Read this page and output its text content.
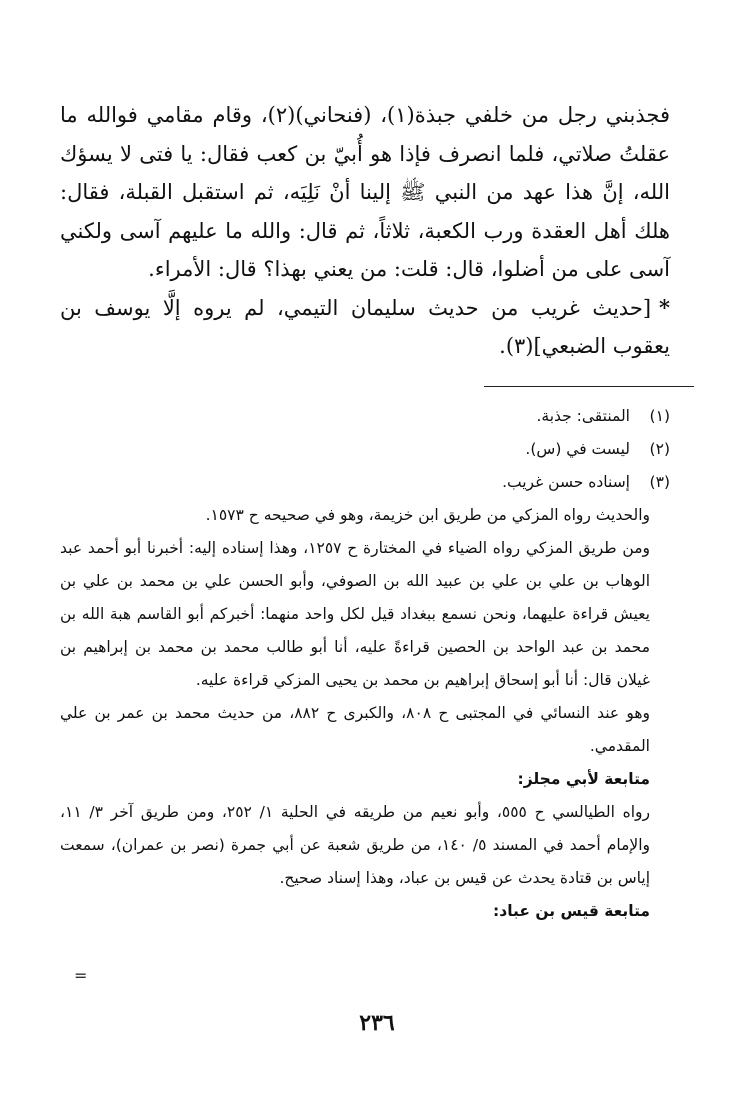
فجذبني رجل من خلفي جبذة(١)، (فنحاني)(٢)، وقام مقامي فوالله ما عقلتُ صلاتي، فلما انصرف فإذا هو أُبيّ بن كعب فقال: يا فتى لا يسؤك الله، إنَّ هذا عهد من النبي ﷺ إلينا أنْ نَلِيَه، ثم استقبل القبلة، فقال: هلك أهل العقدة ورب الكعبة، ثلاثاً، ثم قال: والله ما عليهم آسى ولكني آسى على من أضلوا، قال: قلت: من يعني بهذا؟ قال: الأمراء.

*[حديث غريب من حديث سليمان التيمي، لم يروه إلَّا يوسف بن يعقوب الضبعي](٣).

(١)
المنتقى: جذبة.
(٢)
ليست في (س).
(٣)
إسناده حسن غريب.

والحديث رواه المزكي من طريق ابن خزيمة، وهو في صحيحه ح ١٥٧٣.

ومن طريق المزكي رواه الضياء في المختارة ح ١٢٥٧، وهذا إسناده إليه: أخبرنا أبو أحمد عبد الوهاب بن علي بن علي بن عبيد الله بن الصوفي، وأبو الحسن علي بن محمد بن علي بن يعيش قراءة عليهما، ونحن نسمع ببغداد قيل لكل واحد منهما: أخبركم أبو القاسم هبة الله بن محمد بن عبد الواحد بن الحصين قراءةً عليه، أنا أبو طالب محمد بن محمد بن إبراهيم بن غيلان قال: أنا أبو إسحاق إبراهيم بن محمد بن يحيى المزكي قراءة عليه.

وهو عند النسائي في المجتبى ح ٨٠٨، والكبرى ح ٨٨٢، من حديث محمد بن عمر بن علي المقدمي.

متابعة لأبي مجلز:

رواه الطيالسي ح ٥٥٥، وأبو نعيم من طريقه في الحلية ١/ ٢٥٢، ومن طريق آخر ٣/ ١١، والإمام أحمد في المسند ٥/ ١٤٠، من طريق شعبة عن أبي جمرة (نصر بن عمران)، سمعت إياس بن قتادة يحدث عن قيس بن عباد، وهذا إسناد صحيح.

متابعة قيس بن عباد:

=
٢٣٦
